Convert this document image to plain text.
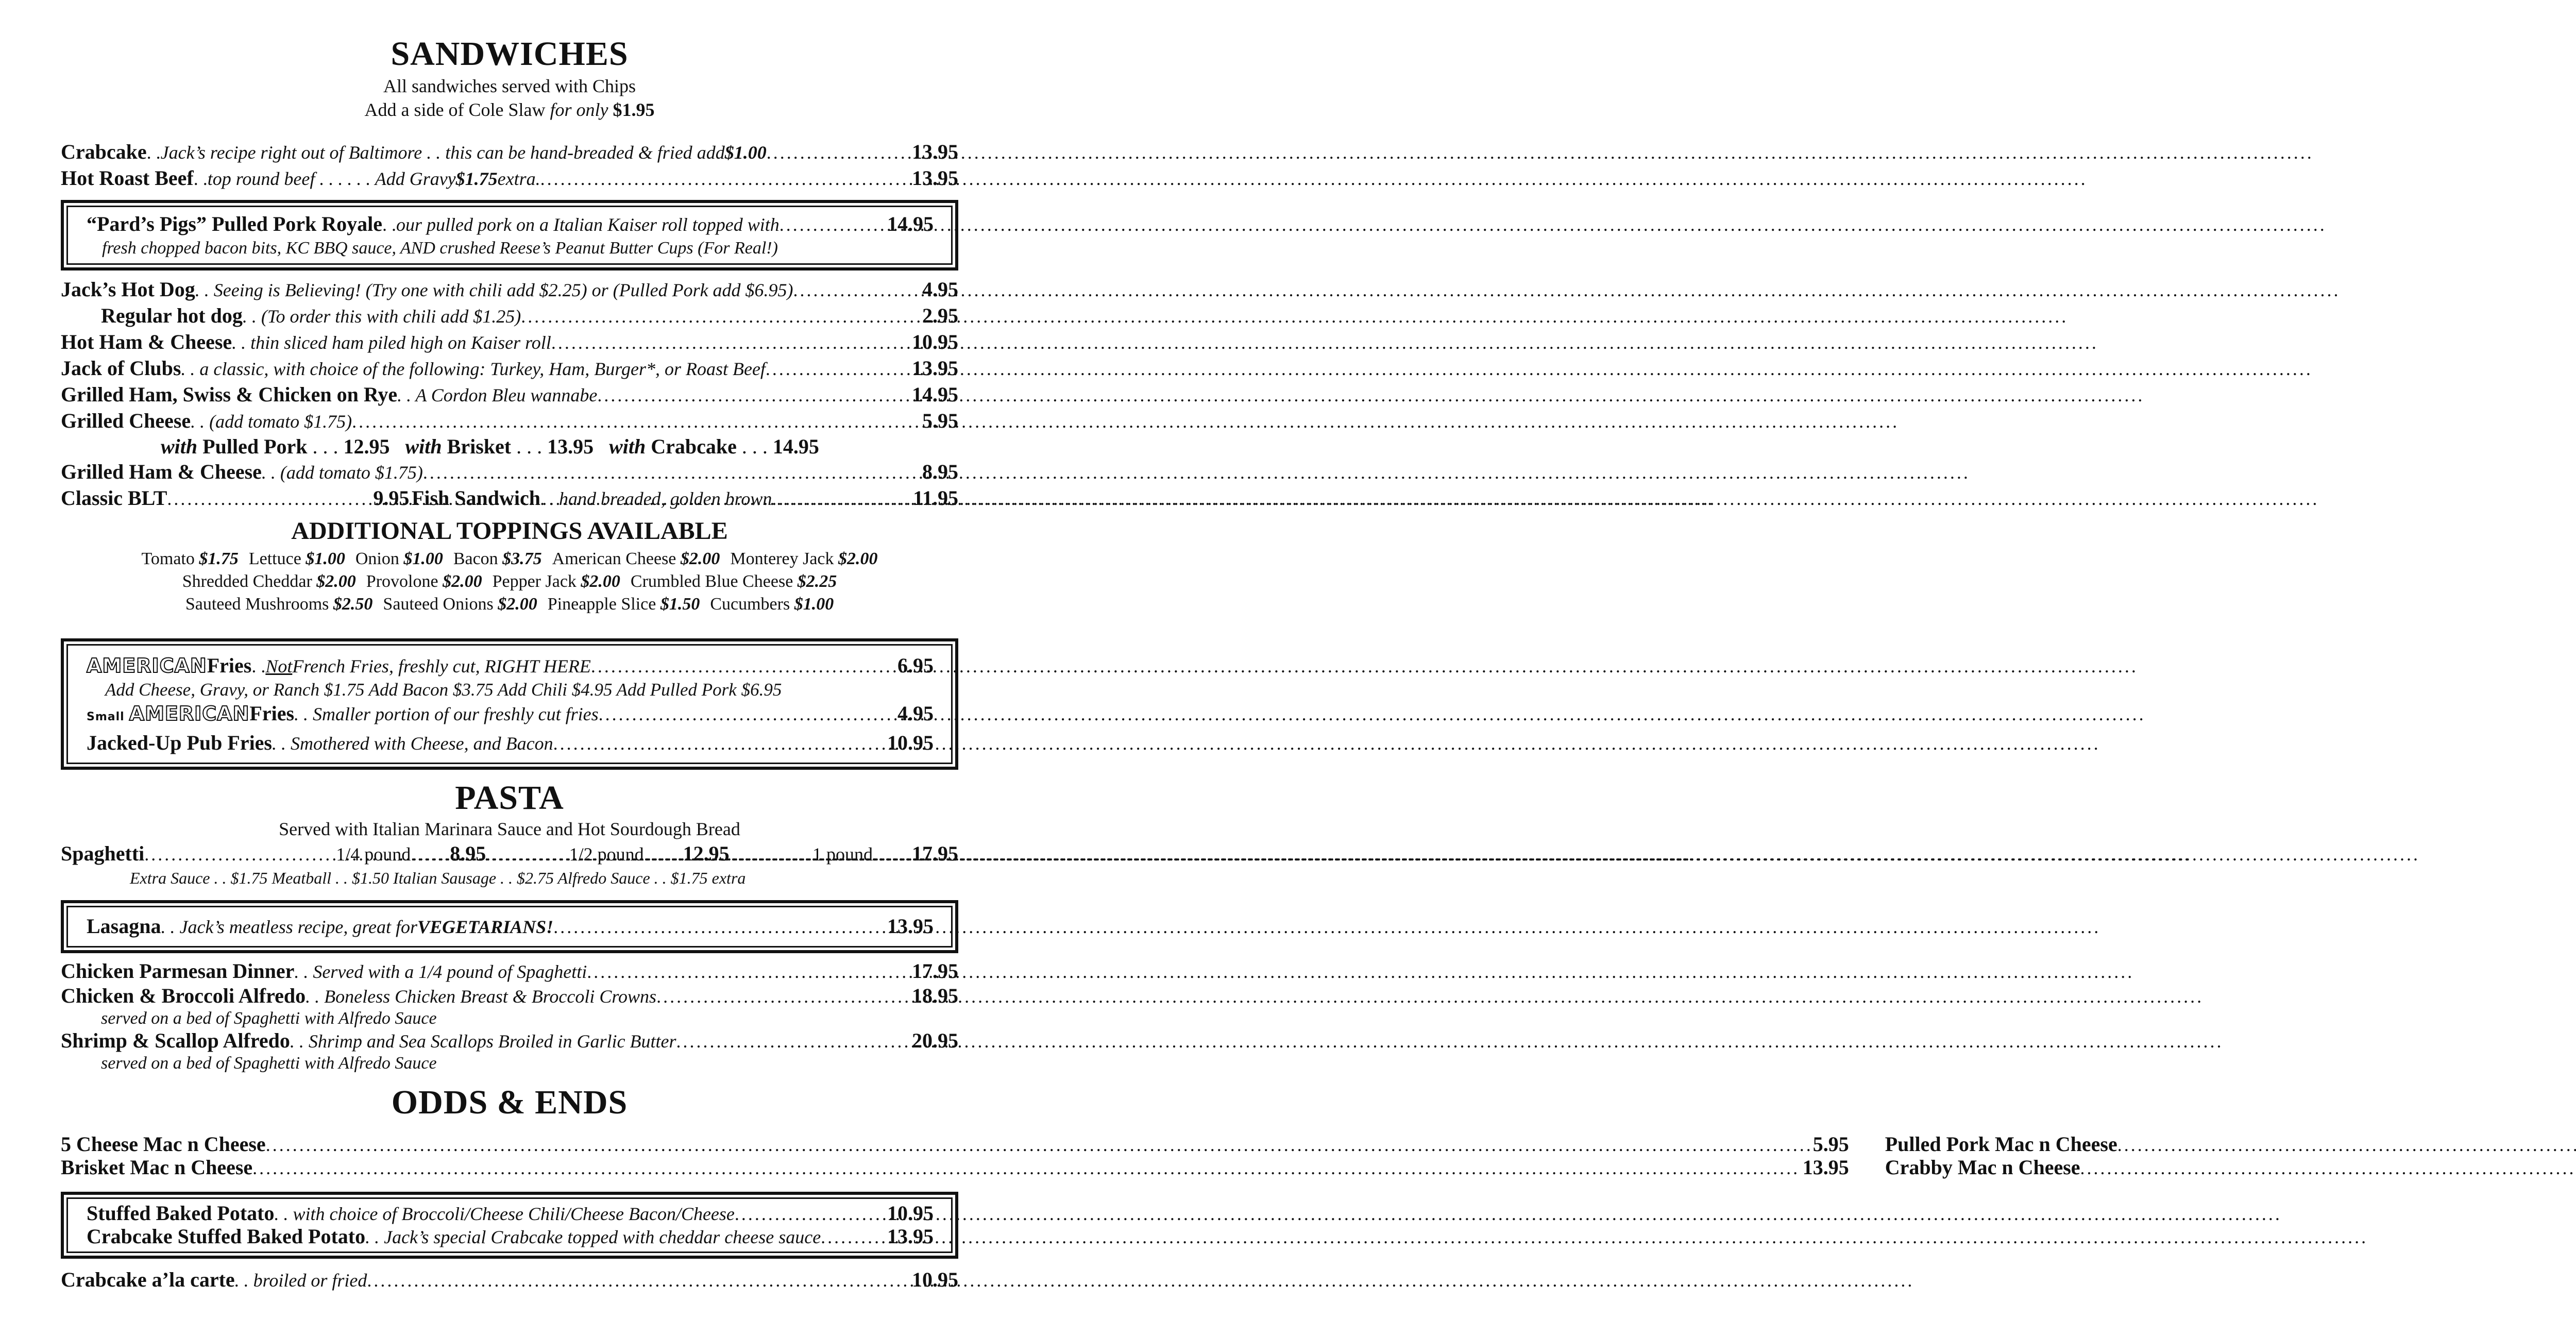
SANDWICHES
All sandwiches served with Chips
Add a side of Cole Slaw for only $1.95
Crabcake . . Jack’s recipe right out of Baltimore . . this can be hand-breaded & fried add $1.00 .....	13.95
Hot Roast Beef . . top round beef . . . . . . Add Gravy $1.75 extra. .....	13.95
“Pard’s Pigs” Pulled Pork Royale . . our pulled pork on a Italian Kaiser roll topped with .....	14.95
fresh chopped bacon bits, KC BBQ sauce, AND crushed Reese’s Peanut Butter Cups (For Real!)
Jack’s Hot Dog . . Seeing is Believing! (Try one with chili add $2.25) or (Pulled Pork add $6.95) .....	4.95
Regular hot dog . . (To order this with chili add $1.25) .....	2.95
Hot Ham & Cheese . . thin sliced ham piled high on Kaiser roll .....	10.95
Jack of Clubs . . a classic, with choice of the following: Turkey, Ham, Burger*, or Roast Beef .....	13.95
Grilled Ham, Swiss & Chicken on Rye . . A Cordon Bleu wannabe .....	14.95
Grilled Cheese . . (add tomato $1.75) .....	5.95
with Pulled Pork . . . 12.95 with Brisket . . . 13.95 with Crabcake . . . 14.95
Grilled Ham & Cheese . . (add tomato $1.75) .....	8.95
Classic BLT .....	9.95 Fish Sandwich . . hand breaded, golden brown .....	11.95
ADDITIONAL TOPPINGS AVAILABLE
Tomato $1.75 Lettuce $1.00 Onion $1.00 Bacon $3.75 American Cheese $2.00 Monterey Jack $2.00
Shredded Cheddar $2.00 Provolone $2.00 Pepper Jack $2.00 Crumbled Blue Cheese $2.25
Sauteed Mushrooms $2.50 Sauteed Onions $2.00 Pineapple Slice $1.50 Cucumbers $1.00
AMERICAN Fries . . Not French Fries, freshly cut, RIGHT HERE .....	6.95
Add Cheese, Gravy, or Ranch $1.75 Add Bacon $3.75 Add Chili $4.95 Add Pulled Pork $6.95
Small
AMERICAN Fries . . Smaller portion of our freshly cut fries .....	4.95
Jacked-Up Pub Fries . . Smothered with Cheese, and Bacon .....	10.95
PASTA
Served with Italian Marinara Sauce and Hot Sourdough Bread
Spaghetti .....	1/4 pound ..... 8.95	1/2 pound ..... 12.95	1 pound ..... 17.95
Extra Sauce . . $1.75 Meatball . . $1.50 Italian Sausage . . $2.75 Alfredo Sauce . . $1.75 extra
Lasagna . . Jack’s meatless recipe, great for VEGETARIANS! .....	13.95
Chicken Parmesan Dinner . . Served with a 1/4 pound of Spaghetti .....	17.95
Chicken & Broccoli Alfredo . . Boneless Chicken Breast & Broccoli Crowns .....	18.95
served on a bed of Spaghetti with Alfredo Sauce
Shrimp & Scallop Alfredo . . Shrimp and Sea Scallops Broiled in Garlic Butter .....	20.95
served on a bed of Spaghetti with Alfredo Sauce
ODDS & ENDS
5 Cheese Mac n Cheese .....	5.95
Brisket Mac n Cheese .....	13.95
Pulled Pork Mac n Cheese
.....
Crabby Mac n Cheese
.....
Stuffed Baked Potato . . with choice of Broccoli/Cheese Chili/Cheese Bacon/Cheese .....	10.95
Crabcake Stuffed Baked Potato . . Jack’s special Crabcake topped with cheddar cheese sauce .....	13.95
Crabcake a’la carte . . broiled or fried .....	10.95
